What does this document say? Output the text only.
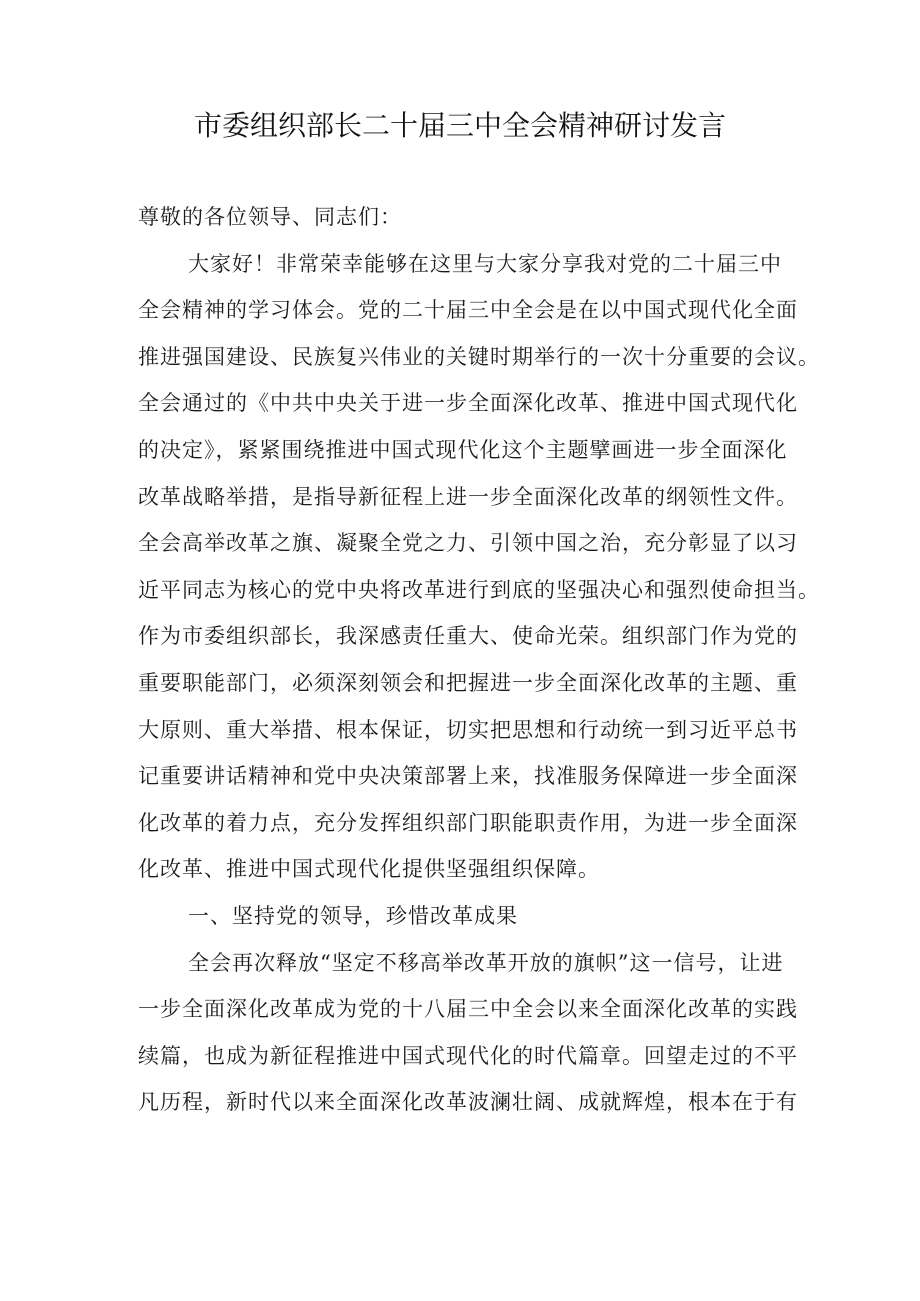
市委组织部长二十届三中全会精神研讨发言
尊敬的各位领导、同志们：
大家好！非常荣幸能够在这里与大家分享我对党的二十届三中
全会精神的学习体会。党的二十届三中全会是在以中国式现代化全面
推进强国建设、民族复兴伟业的关键时期举行的一次十分重要的会议。
全会通过的《中共中央关于进一步全面深化改革、推进中国式现代化
的决定》，紧紧围绕推进中国式现代化这个主题擘画进一步全面深化
改革战略举措，是指导新征程上进一步全面深化改革的纲领性文件。
全会高举改革之旗、凝聚全党之力、引领中国之治，充分彰显了以习
近平同志为核心的党中央将改革进行到底的坚强决心和强烈使命担当。
作为市委组织部长，我深感责任重大、使命光荣。组织部门作为党的
重要职能部门，必须深刻领会和把握进一步全面深化改革的主题、重
大原则、重大举措、根本保证，切实把思想和行动统一到习近平总书
记重要讲话精神和党中央决策部署上来，找准服务保障进一步全面深
化改革的着力点，充分发挥组织部门职能职责作用，为进一步全面深
化改革、推进中国式现代化提供坚强组织保障。
一、坚持党的领导，珍惜改革成果
全会再次释放“坚定不移高举改革开放的旗帜”这一信号，让进
一步全面深化改革成为党的十八届三中全会以来全面深化改革的实践
续篇，也成为新征程推进中国式现代化的时代篇章。回望走过的不平
凡历程，新时代以来全面深化改革波澜壮阔、成就辉煌，根本在于有
